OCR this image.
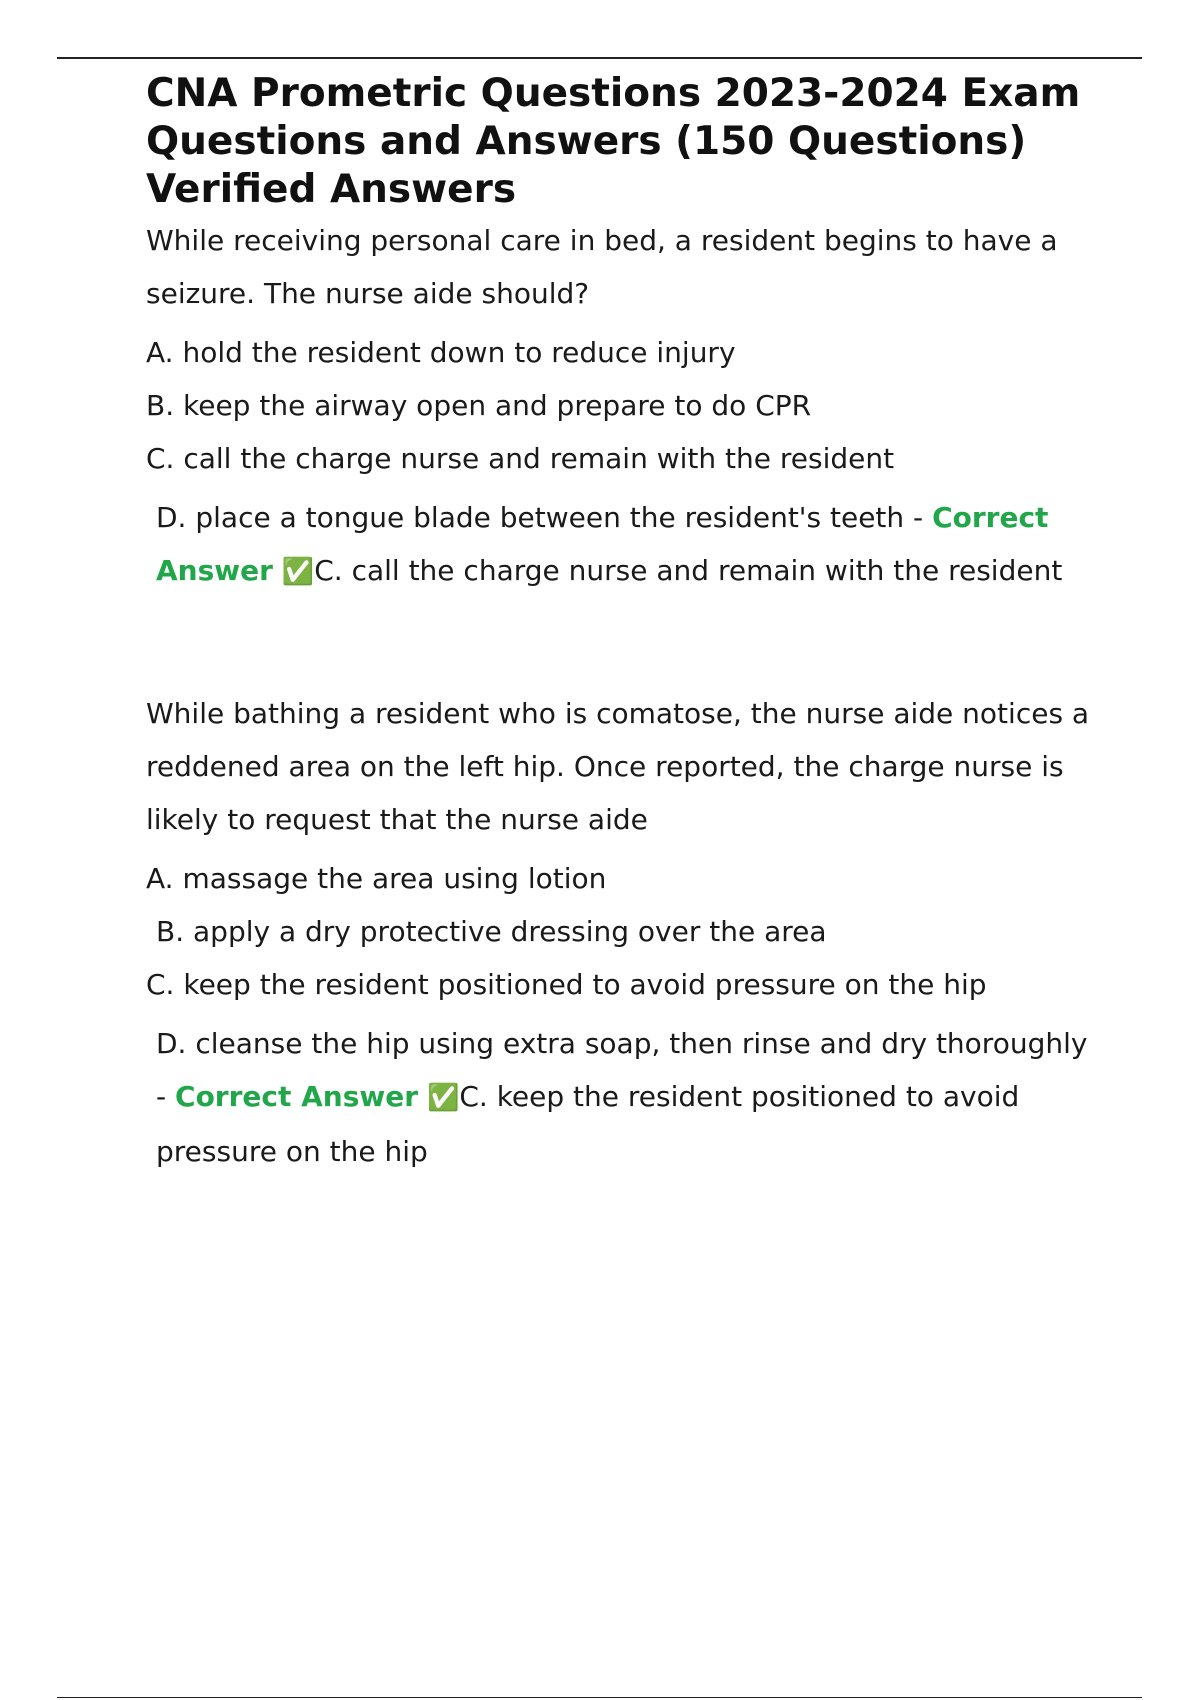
CNA Prometric Questions 2023-2024 Exam Questions and Answers (150 Questions) Verified Answers

While receiving personal care in bed, a resident begins to have a seizure. The nurse aide should?

A. hold the resident down to reduce injury

B. keep the airway open and prepare to do CPR

C. call the charge nurse and remain with the resident

D. place a tongue blade between the resident's teeth - Correct Answer ✅C. call the charge nurse and remain with the resident

While bathing a resident who is comatose, the nurse aide notices a reddened area on the left hip. Once reported, the charge nurse is likely to request that the nurse aide

A. massage the area using lotion

B. apply a dry protective dressing over the area

C. keep the resident positioned to avoid pressure on the hip

D. cleanse the hip using extra soap, then rinse and dry thoroughly - Correct Answer ✅C. keep the resident positioned to avoid pressure on the hip
